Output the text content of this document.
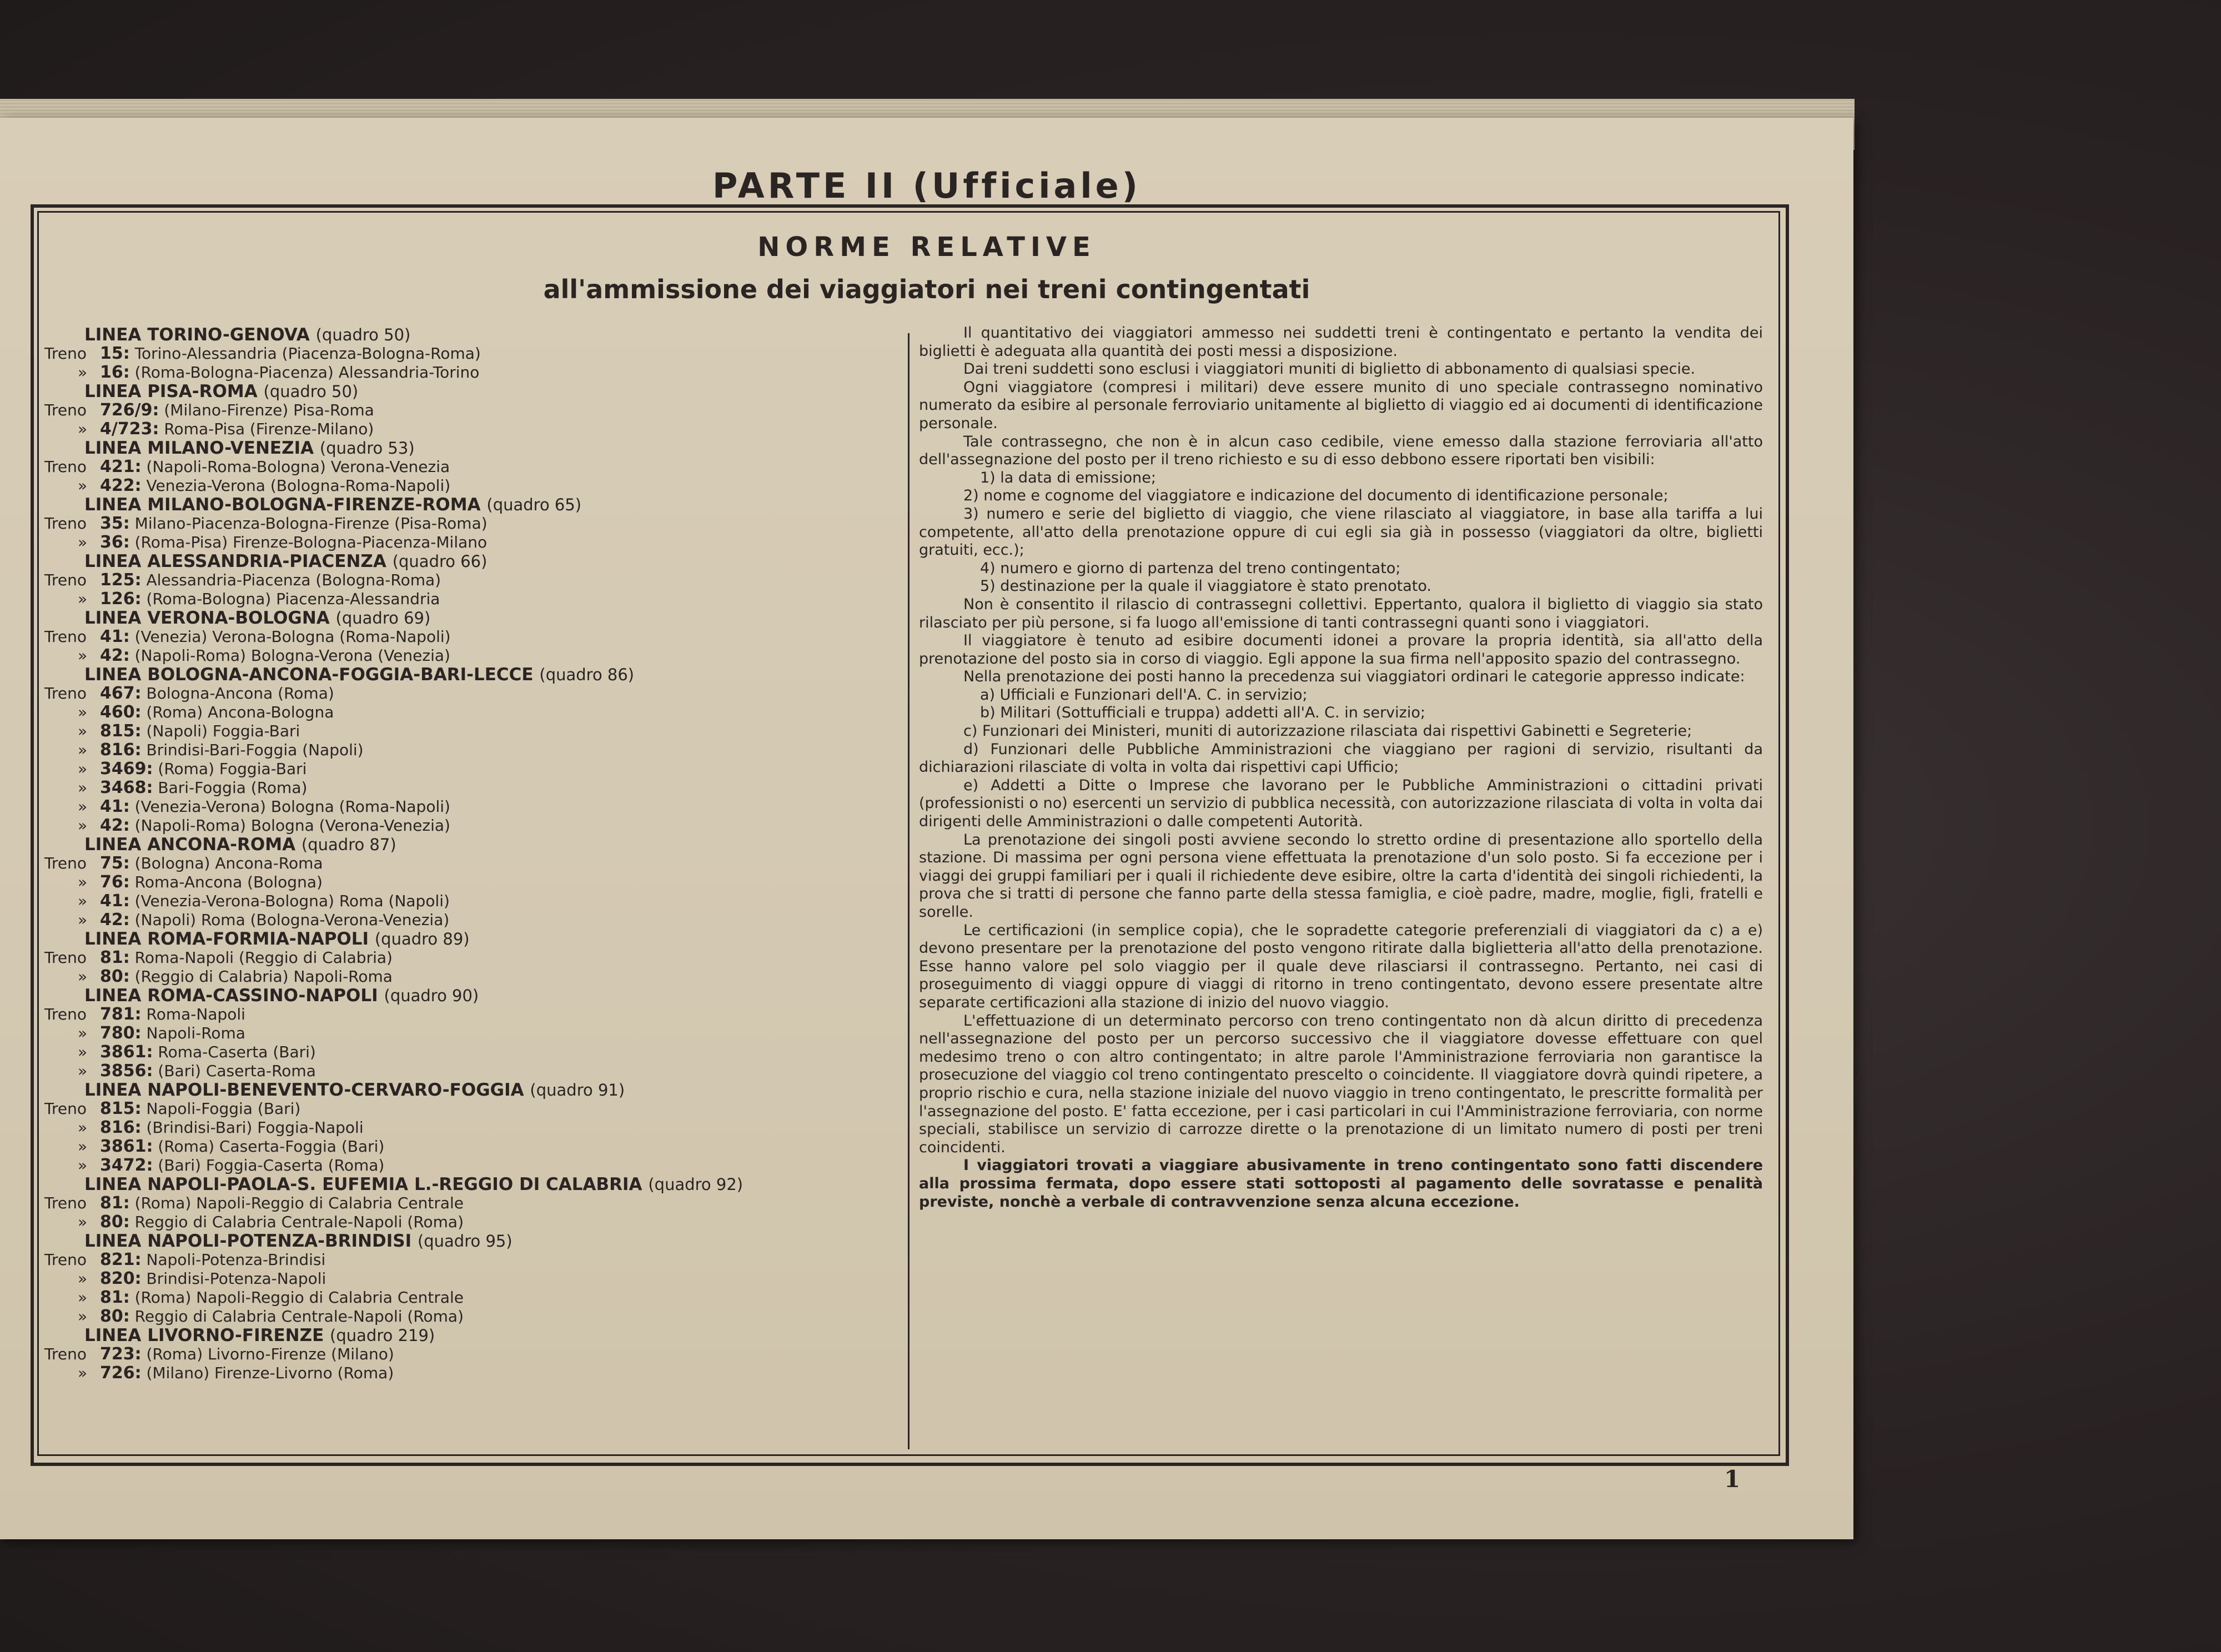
PARTE II (Ufficiale)
NORME RELATIVE
all'ammissione dei viaggiatori nei treni contingentati
LINEA TORINO-GENOVA (quadro 50)
Treno 15: Torino-Alessandria (Piacenza-Bologna-Roma)
» 16: (Roma-Bologna-Piacenza) Alessandria-Torino
LINEA PISA-ROMA (quadro 50)
Treno 726/9: (Milano-Firenze) Pisa-Roma
» 4/723: Roma-Pisa (Firenze-Milano)
LINEA MILANO-VENEZIA (quadro 53)
Treno 421: (Napoli-Roma-Bologna) Verona-Venezia
» 422: Venezia-Verona (Bologna-Roma-Napoli)
LINEA MILANO-BOLOGNA-FIRENZE-ROMA (quadro 65)
Treno 35: Milano-Piacenza-Bologna-Firenze (Pisa-Roma)
» 36: (Roma-Pisa) Firenze-Bologna-Piacenza-Milano
LINEA ALESSANDRIA-PIACENZA (quadro 66)
Treno 125: Alessandria-Piacenza (Bologna-Roma)
» 126: (Roma-Bologna) Piacenza-Alessandria
LINEA VERONA-BOLOGNA (quadro 69)
Treno 41: (Venezia) Verona-Bologna (Roma-Napoli)
» 42: (Napoli-Roma) Bologna-Verona (Venezia)
LINEA BOLOGNA-ANCONA-FOGGIA-BARI-LECCE (quadro 86)
Treno 467: Bologna-Ancona (Roma)
» 460: (Roma) Ancona-Bologna
» 815: (Napoli) Foggia-Bari
» 816: Brindisi-Bari-Foggia (Napoli)
» 3469: (Roma) Foggia-Bari
» 3468: Bari-Foggia (Roma)
» 41: (Venezia-Verona) Bologna (Roma-Napoli)
» 42: (Napoli-Roma) Bologna (Verona-Venezia)
LINEA ANCONA-ROMA (quadro 87)
Treno 75: (Bologna) Ancona-Roma
» 76: Roma-Ancona (Bologna)
» 41: (Venezia-Verona-Bologna) Roma (Napoli)
» 42: (Napoli) Roma (Bologna-Verona-Venezia)
LINEA ROMA-FORMIA-NAPOLI (quadro 89)
Treno 81: Roma-Napoli (Reggio di Calabria)
» 80: (Reggio di Calabria) Napoli-Roma
LINEA ROMA-CASSINO-NAPOLI (quadro 90)
Treno 781: Roma-Napoli
» 780: Napoli-Roma
» 3861: Roma-Caserta (Bari)
» 3856: (Bari) Caserta-Roma
LINEA NAPOLI-BENEVENTO-CERVARO-FOGGIA (quadro 91)
Treno 815: Napoli-Foggia (Bari)
» 816: (Brindisi-Bari) Foggia-Napoli
» 3861: (Roma) Caserta-Foggia (Bari)
» 3472: (Bari) Foggia-Caserta (Roma)
LINEA NAPOLI-PAOLA-S. EUFEMIA L.-REGGIO DI CALABRIA (quadro 92)
Treno 81: (Roma) Napoli-Reggio di Calabria Centrale
» 80: Reggio di Calabria Centrale-Napoli (Roma)
LINEA NAPOLI-POTENZA-BRINDISI (quadro 95)
Treno 821: Napoli-Potenza-Brindisi
» 820: Brindisi-Potenza-Napoli
» 81: (Roma) Napoli-Reggio di Calabria Centrale
» 80: Reggio di Calabria Centrale-Napoli (Roma)
LINEA LIVORNO-FIRENZE (quadro 219)
Treno 723: (Roma) Livorno-Firenze (Milano)
» 726: (Milano) Firenze-Livorno (Roma)

Il quantitativo dei viaggiatori ammesso nei suddetti treni è contingentato e pertanto la vendita dei biglietti è adeguata alla quantità dei posti messi a disposizione.

Dai treni suddetti sono esclusi i viaggiatori muniti di biglietto di abbonamento di qualsiasi specie.

Ogni viaggiatore (compresi i militari) deve essere munito di uno speciale contrassegno nominativo numerato da esibire al personale ferroviario unitamente al biglietto di viaggio ed ai documenti di identificazione personale.

Tale contrassegno, che non è in alcun caso cedibile, viene emesso dalla stazione ferroviaria all'atto dell'assegnazione del posto per il treno richiesto e su di esso debbono essere riportati ben visibili:

1) la data di emissione;

2) nome e cognome del viaggiatore e indicazione del documento di identificazione personale;

3) numero e serie del biglietto di viaggio, che viene rilasciato al viaggiatore, in base alla tariffa a lui competente, all'atto della prenotazione oppure di cui egli sia già in possesso (viaggiatori da oltre, biglietti gratuiti, ecc.);

4) numero e giorno di partenza del treno contingentato;

5) destinazione per la quale il viaggiatore è stato prenotato.

Non è consentito il rilascio di contrassegni collettivi. Eppertanto, qualora il biglietto di viaggio sia stato rilasciato per più persone, si fa luogo all'emissione di tanti contrassegni quanti sono i viaggiatori.

Il viaggiatore è tenuto ad esibire documenti idonei a provare la propria identità, sia all'atto della prenotazione del posto sia in corso di viaggio. Egli appone la sua firma nell'apposito spazio del contrassegno.

Nella prenotazione dei posti hanno la precedenza sui viaggiatori ordinari le categorie appresso indicate:

a) Ufficiali e Funzionari dell'A. C. in servizio;

b) Militari (Sottufficiali e truppa) addetti all'A. C. in servizio;

c) Funzionari dei Ministeri, muniti di autorizzazione rilasciata dai rispettivi Gabinetti e Segreterie;

d) Funzionari delle Pubbliche Amministrazioni che viaggiano per ragioni di servizio, risultanti da dichiarazioni rilasciate di volta in volta dai rispettivi capi Ufficio;

e) Addetti a Ditte o Imprese che lavorano per le Pubbliche Amministrazioni o cittadini privati (professionisti o no) esercenti un servizio di pubblica necessità, con autorizzazione rilasciata di volta in volta dai dirigenti delle Amministrazioni o dalle competenti Autorità.

La prenotazione dei singoli posti avviene secondo lo stretto ordine di presentazione allo sportello della stazione. Di massima per ogni persona viene effettuata la prenotazione d'un solo posto. Si fa eccezione per i viaggi dei gruppi familiari per i quali il richiedente deve esibire, oltre la carta d'identità dei singoli richiedenti, la prova che si tratti di persone che fanno parte della stessa famiglia, e cioè padre, madre, moglie, figli, fratelli e sorelle.

Le certificazioni (in semplice copia), che le sopradette categorie preferenziali di viaggiatori da c) a e) devono presentare per la prenotazione del posto vengono ritirate dalla biglietteria all'atto della prenotazione. Esse hanno valore pel solo viaggio per il quale deve rilasciarsi il contrassegno. Pertanto, nei casi di proseguimento di viaggi oppure di viaggi di ritorno in treno contingentato, devono essere presentate altre separate certificazioni alla stazione di inizio del nuovo viaggio.

L'effettuazione di un determinato percorso con treno contingentato non dà alcun diritto di precedenza nell'assegnazione del posto per un percorso successivo che il viaggiatore dovesse effettuare con quel medesimo treno o con altro contingentato; in altre parole l'Amministrazione ferroviaria non garantisce la prosecuzione del viaggio col treno contingentato prescelto o coincidente. Il viaggiatore dovrà quindi ripetere, a proprio rischio e cura, nella stazione iniziale del nuovo viaggio in treno contingentato, le prescritte formalità per l'assegnazione del posto. E' fatta eccezione, per i casi particolari in cui l'Amministrazione ferroviaria, con norme speciali, stabilisce un servizio di carrozze dirette o la prenotazione di un limitato numero di posti per treni coincidenti.

I viaggiatori trovati a viaggiare abusivamente in treno contingentato sono fatti discendere alla prossima fermata, dopo essere stati sottoposti al pagamento delle sovratasse e penalità previste, nonchè a verbale di contravvenzione senza alcuna eccezione.

1
